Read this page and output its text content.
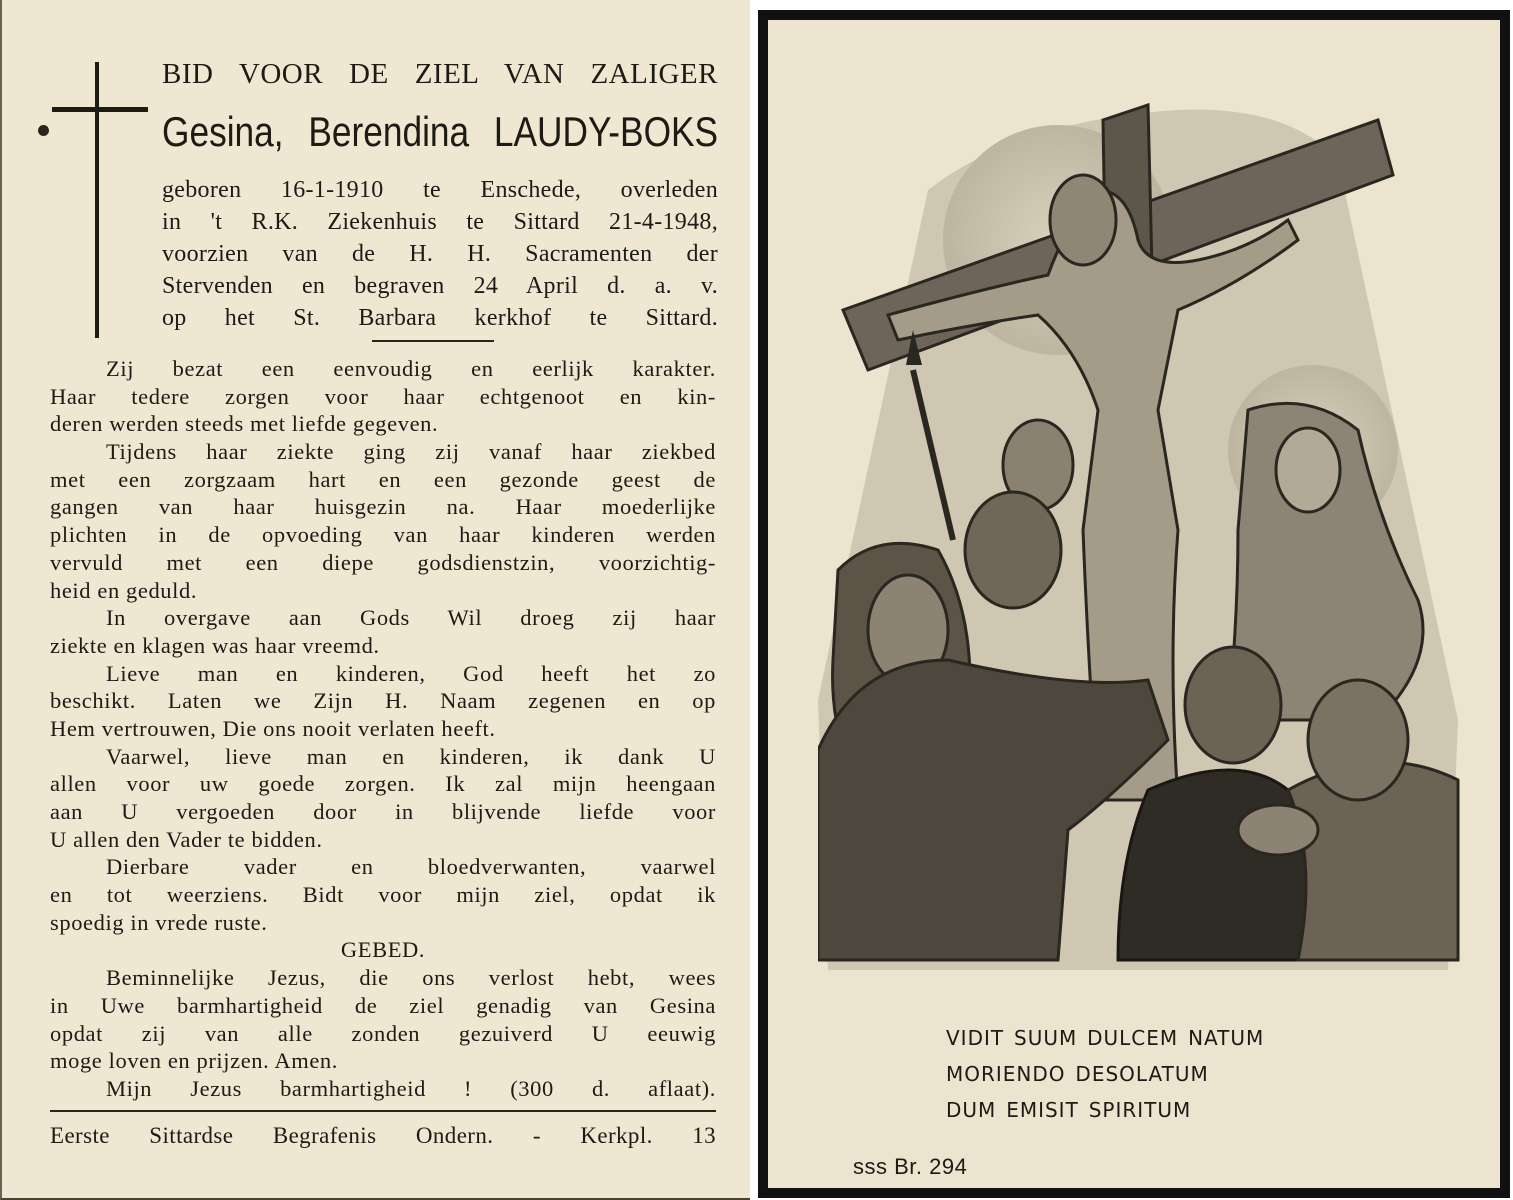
BID VOOR DE ZIEL VAN ZALIGER

Gesina, Berendina LAUDY-BOKS

geboren 16-1-1910 te Enschede, overleden
in 't R.K. Ziekenhuis te Sittard 21-4-1948,
voorzien van de H. H. Sacramenten der
Stervenden en begraven 24 April d. a. v.
op het St. Barbara kerkhof te Sittard.
Zij bezat een eenvoudig en eerlijk karakter.
Haar tedere zorgen voor haar echtgenoot en kin-
deren werden steeds met liefde gegeven.
Tijdens haar ziekte ging zij vanaf haar ziekbed
met een zorgzaam hart en een gezonde geest de
gangen van haar huisgezin na. Haar moederlijke
plichten in de opvoeding van haar kinderen werden
vervuld met een diepe godsdienstzin, voorzichtig-
heid en geduld.
In overgave aan Gods Wil droeg zij haar
ziekte en klagen was haar vreemd.
Lieve man en kinderen, God heeft het zo
beschikt. Laten we Zijn H. Naam zegenen en op
Hem vertrouwen, Die ons nooit verlaten heeft.
Vaarwel, lieve man en kinderen, ik dank U
allen voor uw goede zorgen. Ik zal mijn heengaan
aan U vergoeden door in blijvende liefde voor
U allen den Vader te bidden.
Dierbare vader en bloedverwanten, vaarwel
en tot weerziens. Bidt voor mijn ziel, opdat ik
spoedig in vrede ruste.
GEBED.
Beminnelijke Jezus, die ons verlost hebt, wees
in Uwe barmhartigheid de ziel genadig van Gesina
opdat zij van alle zonden gezuiverd U eeuwig
moge loven en prijzen. Amen.
Mijn Jezus barmhartigheid ! (300 d. aflaat).

Eerste Sittardse Begrafenis Ondern. - Kerkpl. 13

vidit suum dulcem natum
moriendo desolatum
dum emisit spiritum
sss Br. 294
